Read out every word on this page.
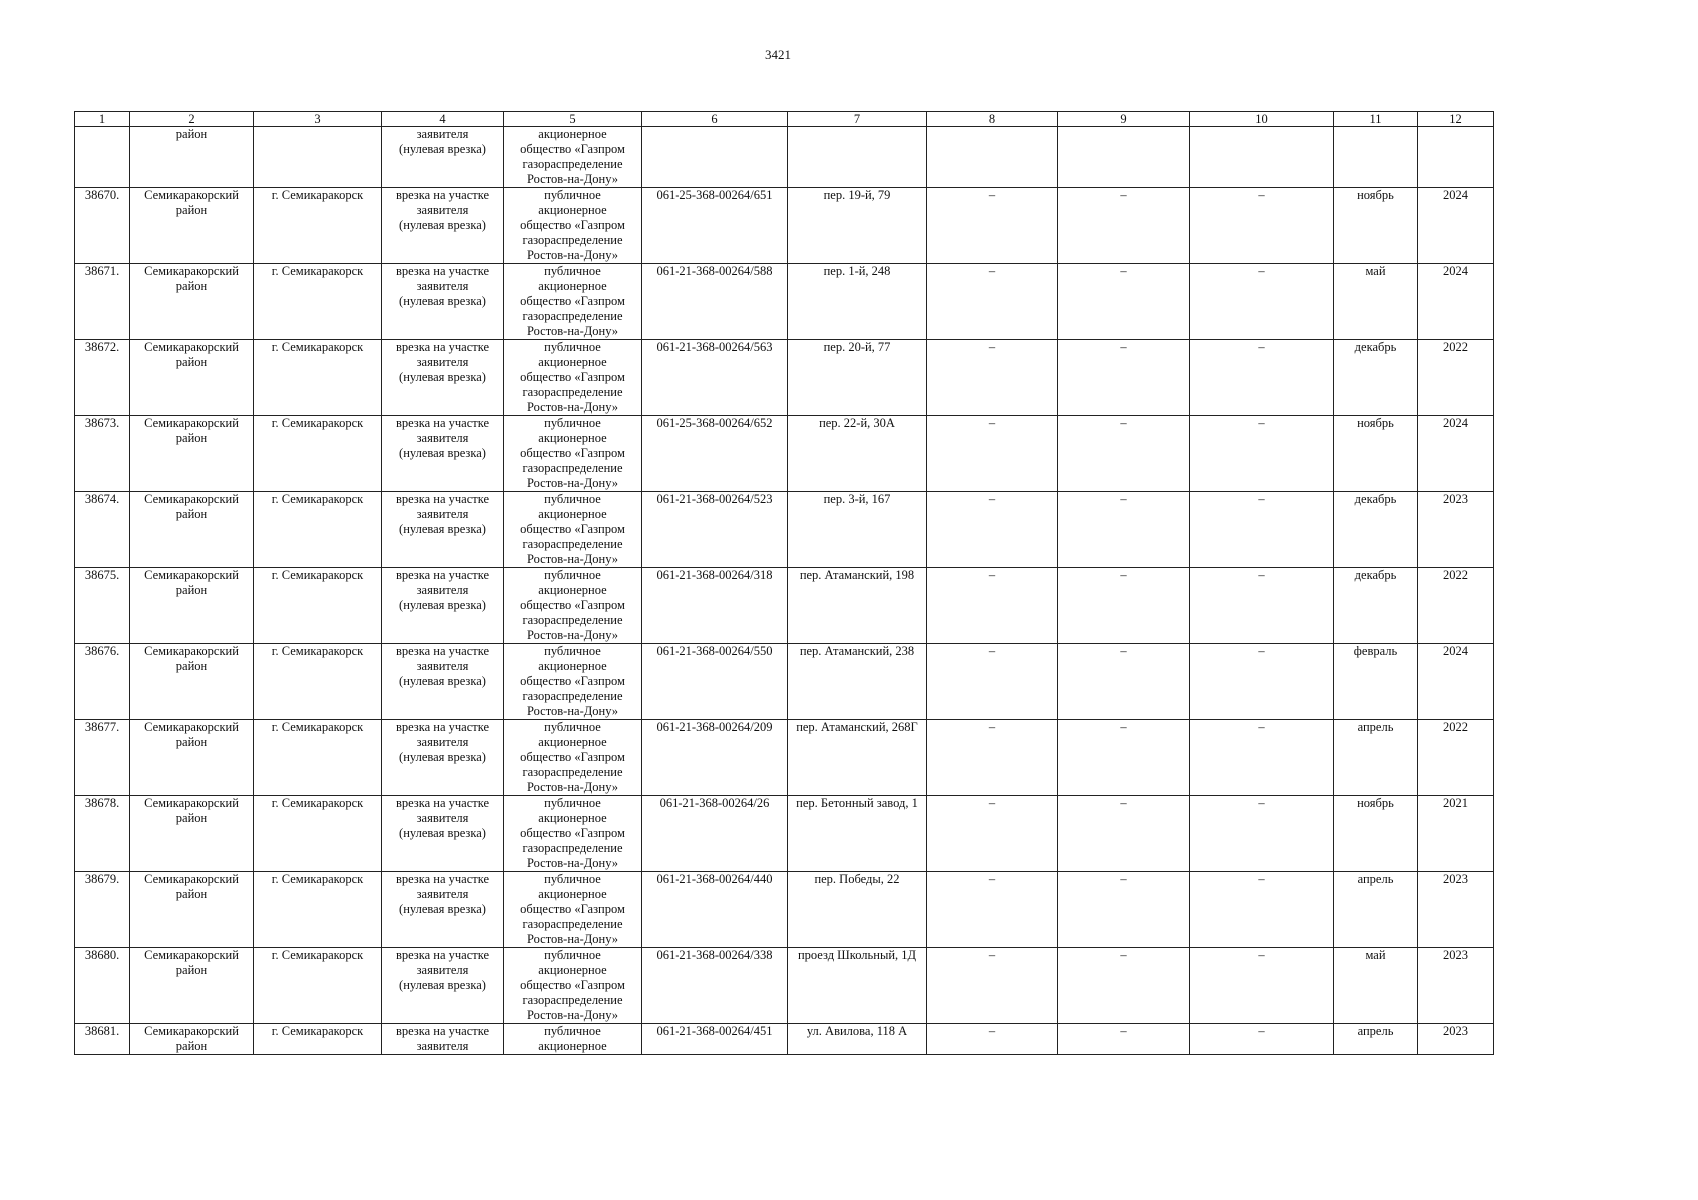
3421
1	2	3	4	5	6	7	8	9	10	11	12
	район		заявителя
(нулевая врезка)	акционерное
общество «Газпром
газораспределение
Ростов-на-Дону»							
38670.	Семикаракорский
район	г. Семикаракорск	врезка на участке
заявителя
(нулевая врезка)	публичное
акционерное
общество «Газпром
газораспределение
Ростов-на-Дону»	061-25-368-00264/651	пер. 19-й, 79	–	–	–	ноябрь	2024
38671.	Семикаракорский
район	г. Семикаракорск	врезка на участке
заявителя
(нулевая врезка)	публичное
акционерное
общество «Газпром
газораспределение
Ростов-на-Дону»	061-21-368-00264/588	пер. 1-й, 248	–	–	–	май	2024
38672.	Семикаракорский
район	г. Семикаракорск	врезка на участке
заявителя
(нулевая врезка)	публичное
акционерное
общество «Газпром
газораспределение
Ростов-на-Дону»	061-21-368-00264/563	пер. 20-й, 77	–	–	–	декабрь	2022
38673.	Семикаракорский
район	г. Семикаракорск	врезка на участке
заявителя
(нулевая врезка)	публичное
акционерное
общество «Газпром
газораспределение
Ростов-на-Дону»	061-25-368-00264/652	пер. 22-й, 30А	–	–	–	ноябрь	2024
38674.	Семикаракорский
район	г. Семикаракорск	врезка на участке
заявителя
(нулевая врезка)	публичное
акционерное
общество «Газпром
газораспределение
Ростов-на-Дону»	061-21-368-00264/523	пер. 3-й, 167	–	–	–	декабрь	2023
38675.	Семикаракорский
район	г. Семикаракорск	врезка на участке
заявителя
(нулевая врезка)	публичное
акционерное
общество «Газпром
газораспределение
Ростов-на-Дону»	061-21-368-00264/318	пер. Атаманский, 198	–	–	–	декабрь	2022
38676.	Семикаракорский
район	г. Семикаракорск	врезка на участке
заявителя
(нулевая врезка)	публичное
акционерное
общество «Газпром
газораспределение
Ростов-на-Дону»	061-21-368-00264/550	пер. Атаманский, 238	–	–	–	февраль	2024
38677.	Семикаракорский
район	г. Семикаракорск	врезка на участке
заявителя
(нулевая врезка)	публичное
акционерное
общество «Газпром
газораспределение
Ростов-на-Дону»	061-21-368-00264/209	пер. Атаманский, 268Г	–	–	–	апрель	2022
38678.	Семикаракорский
район	г. Семикаракорск	врезка на участке
заявителя
(нулевая врезка)	публичное
акционерное
общество «Газпром
газораспределение
Ростов-на-Дону»	061-21-368-00264/26	пер. Бетонный завод, 1	–	–	–	ноябрь	2021
38679.	Семикаракорский
район	г. Семикаракорск	врезка на участке
заявителя
(нулевая врезка)	публичное
акционерное
общество «Газпром
газораспределение
Ростов-на-Дону»	061-21-368-00264/440	пер. Победы, 22	–	–	–	апрель	2023
38680.	Семикаракорский
район	г. Семикаракорск	врезка на участке
заявителя
(нулевая врезка)	публичное
акционерное
общество «Газпром
газораспределение
Ростов-на-Дону»	061-21-368-00264/338	проезд Школьный, 1Д	–	–	–	май	2023
38681.	Семикаракорский
район	г. Семикаракорск	врезка на участке
заявителя	публичное
акционерное	061-21-368-00264/451	ул. Авилова, 118 А	–	–	–	апрель	2023
